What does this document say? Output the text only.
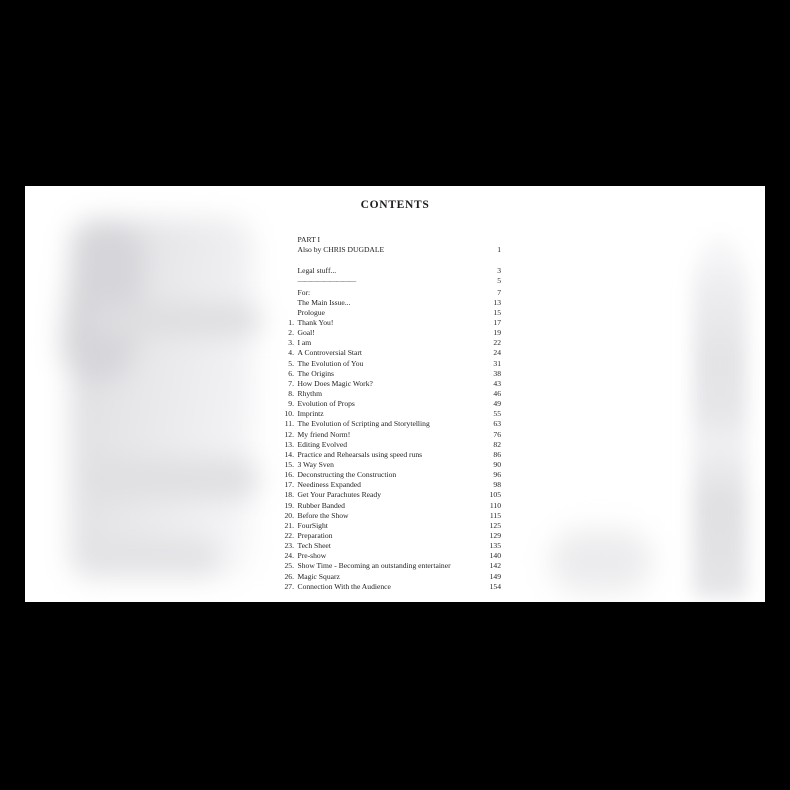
CONTENTS
PART I
Also by CHRIS DUGDALE	1
Legal stuff...	3
—————————	5
For:	7
The Main Issue...	13
Prologue	15
1. Thank You!	17
2. Goal!	19
3. I am	22
4. A Controversial Start	24
5. The Evolution of You	31
6. The Origins	38
7. How Does Magic Work?	43
8. Rhythm	46
9. Evolution of Props	49
10. Imprintz	55
11. The Evolution of Scripting and Storytelling	63
12. My friend Norm!	76
13. Editing Evolved	82
14. Practice and Rehearsals using speed runs	86
15. 3 Way Sven	90
16. Deconstructing the Construction	96
17. Neediness Expanded	98
18. Get Your Parachutes Ready	105
19. Rubber Banded	110
20. Before the Show	115
21. FourSight	125
22. Preparation	129
23. Tech Sheet	135
24. Pre-show	140
25. Show Time - Becoming an outstanding entertainer	142
26. Magic Squarz	149
27. Connection With the Audience	154
